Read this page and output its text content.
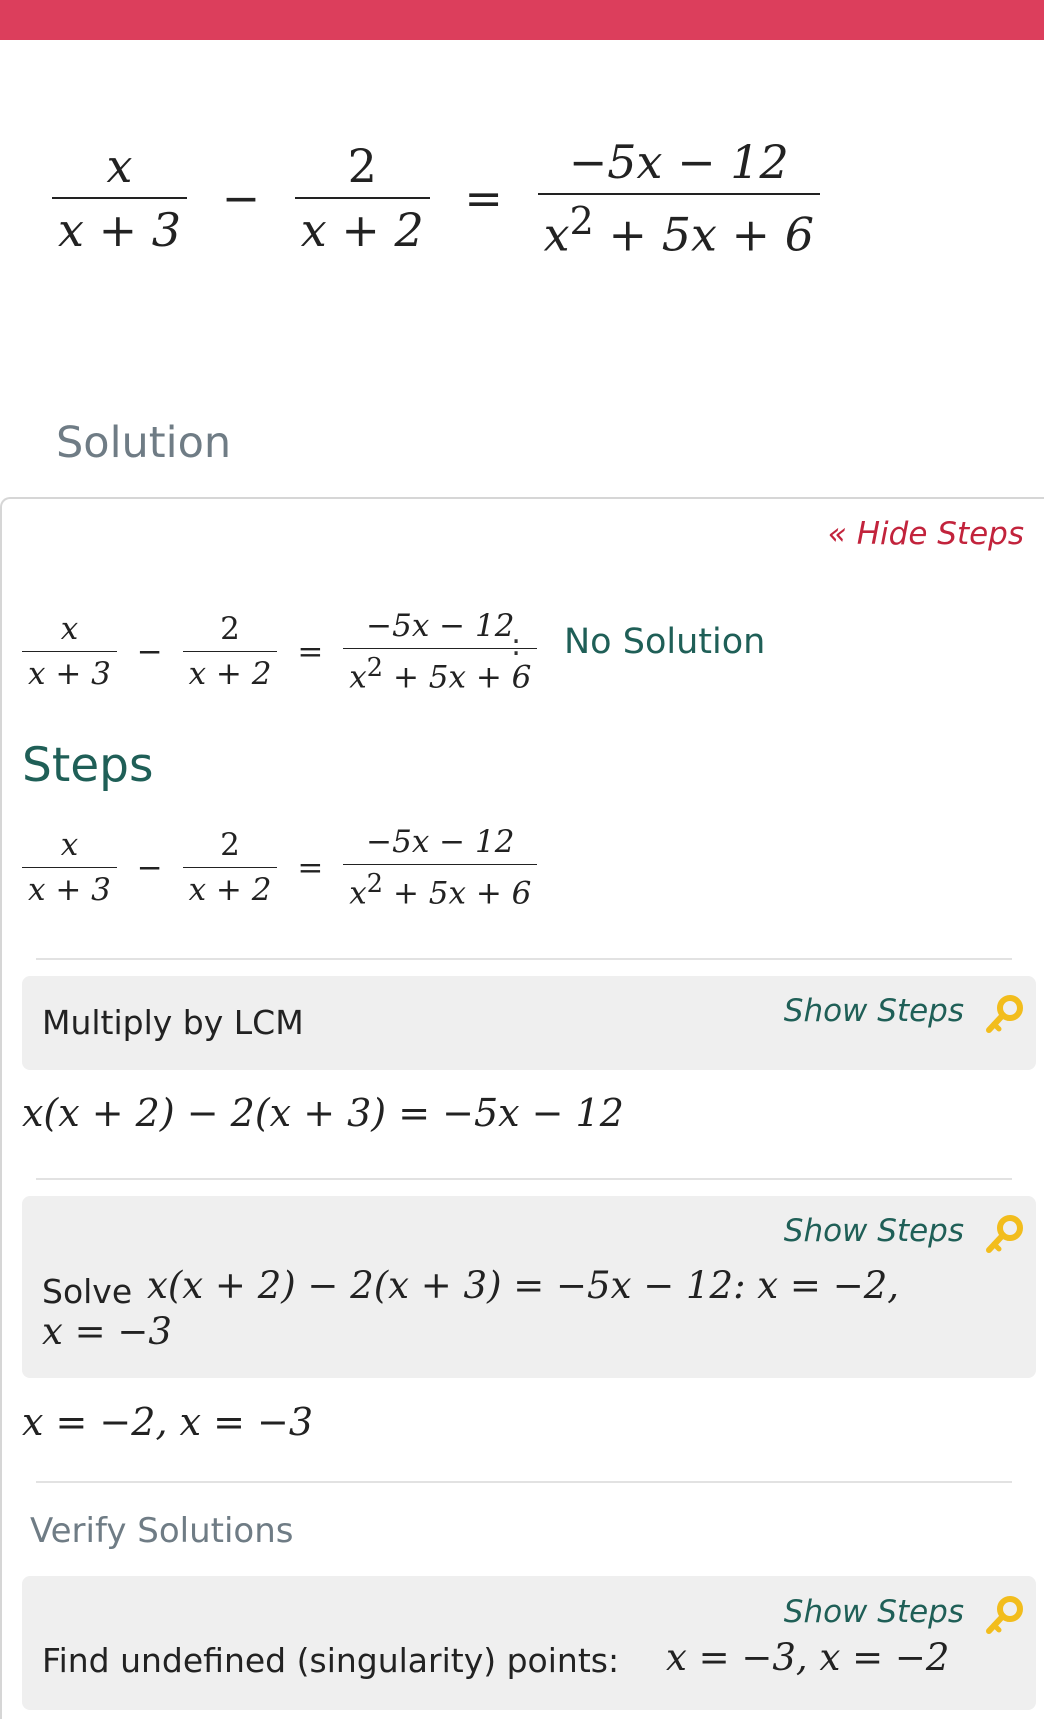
$\frac{x}{x + 3} - \frac{2}{x + 2} = \frac{-5x - 12}{x^2 + 5x + 6}$
Solution
« Hide Steps
$\frac{x}{x + 3} - \frac{2}{x + 2} = \frac{-5x - 12}{x^2 + 5x + 6}$
: No Solution
Steps
$\frac{x}{x + 3} - \frac{2}{x + 2} = \frac{-5x - 12}{x^2 + 5x + 6}$
Multiply by LCM	Show Steps
x(x + 2) − 2(x + 3) = −5x − 12
Show Steps
Solve x(x + 2) − 2(x + 3) = −5x − 12: x = −2,
x = −3
x = −2, x = −3
Verify Solutions
Show Steps
Find undefined (singularity) points: x = −3, x = −2
